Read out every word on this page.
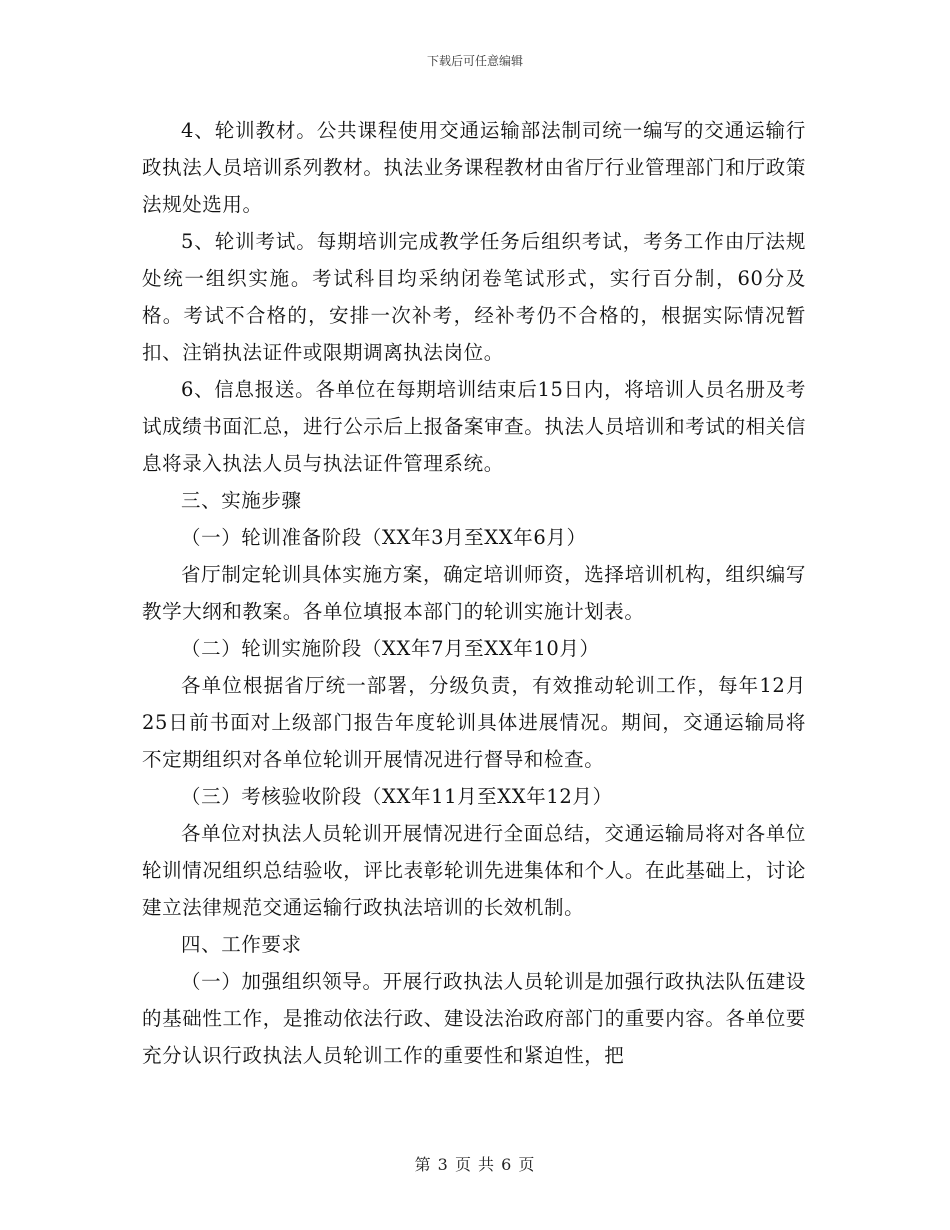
下载后可任意编辑

4、轮训教材。公共课程使用交通运输部法制司统一编写的交通运输行政执法人员培训系列教材。执法业务课程教材由省厅行业管理部门和厅政策法规处选用。

5、轮训考试。每期培训完成教学任务后组织考试，考务工作由厅法规处统一组织实施。考试科目均采纳闭卷笔试形式，实行百分制，60分及格。考试不合格的，安排一次补考，经补考仍不合格的，根据实际情况暂扣、注销执法证件或限期调离执法岗位。

6、信息报送。各单位在每期培训结束后15日内，将培训人员名册及考试成绩书面汇总，进行公示后上报备案审查。执法人员培训和考试的相关信息将录入执法人员与执法证件管理系统。

三、实施步骤

（一）轮训准备阶段（XX年3月至XX年6月）

省厅制定轮训具体实施方案，确定培训师资，选择培训机构，组织编写教学大纲和教案。各单位填报本部门的轮训实施计划表。

（二）轮训实施阶段（XX年7月至XX年10月）

各单位根据省厅统一部署，分级负责，有效推动轮训工作，每年12月25日前书面对上级部门报告年度轮训具体进展情况。期间，交通运输局将不定期组织对各单位轮训开展情况进行督导和检查。

（三）考核验收阶段（XX年11月至XX年12月）

各单位对执法人员轮训开展情况进行全面总结，交通运输局将对各单位轮训情况组织总结验收，评比表彰轮训先进集体和个人。在此基础上，讨论建立法律规范交通运输行政执法培训的长效机制。

四、工作要求

（一）加强组织领导。开展行政执法人员轮训是加强行政执法队伍建设的基础性工作，是推动依法行政、建设法治政府部门的重要内容。各单位要充分认识行政执法人员轮训工作的重要性和紧迫性，把

第 3 页 共 6 页
